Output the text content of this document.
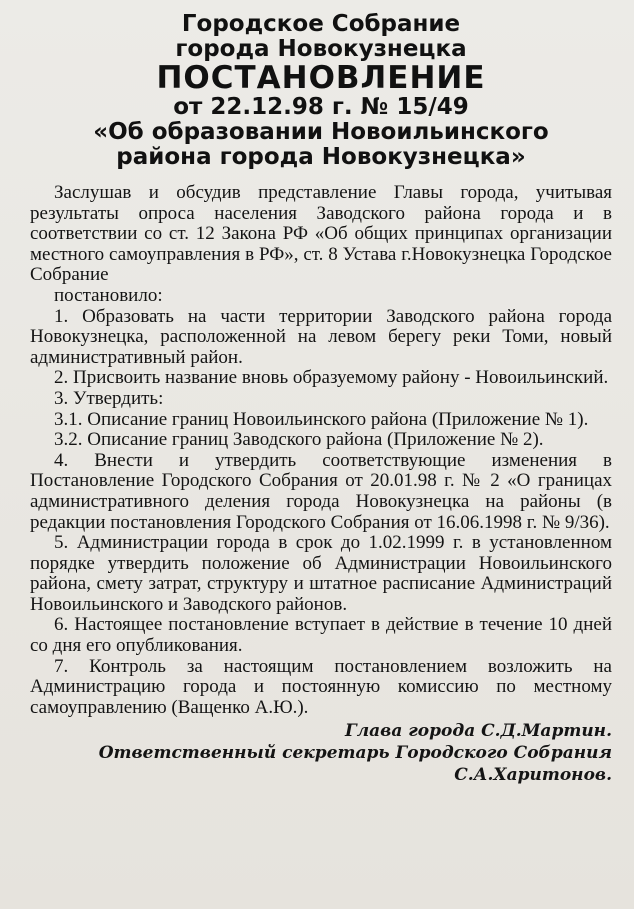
Городское Собрание
города Новокузнецка
ПОСТАНОВЛЕНИЕ
от 22.12.98 г. № 15/49
«Об образовании Новоильинского
района города Новокузнецка»

Заслушав и обсудив представление Главы города, учитывая результаты опроса населения Заводского района города и в соответствии со ст. 12 Закона РФ «Об общих принципах организации местного самоуправления в РФ», ст. 8 Устава г.Новокузнецка Городское Собрание

постановило:

1. Образовать на части территории Заводского района города Новокузнецка, расположенной на левом берегу реки Томи, новый административный район.

2. Присвоить название вновь образуемому району - Новоильинский.

3. Утвердить:

3.1. Описание границ Новоильинского района (Приложение № 1).

3.2. Описание границ Заводского района (Приложение № 2).

4. Внести и утвердить соответствующие изменения в Постановление Городского Собрания от 20.01.98 г. № 2 «О границах административного деления города Новокузнецка на районы (в редакции постановления Городского Собрания от 16.06.1998 г. № 9/36).

5. Администрации города в срок до 1.02.1999 г. в установленном порядке утвердить положение об Администрации Новоильинского района, смету затрат, структуру и штатное расписание Администраций Новоильинского и Заводского районов.

6. Настоящее постановление вступает в действие в течение 10 дней со дня его опубликования.

7. Контроль за настоящим постановлением возложить на Администрацию города и постоянную комиссию по местному самоуправлению (Ващенко А.Ю.).

Глава города С.Д.Мартин.

Ответственный секретарь Городского Собрания

С.А.Харитонов.
